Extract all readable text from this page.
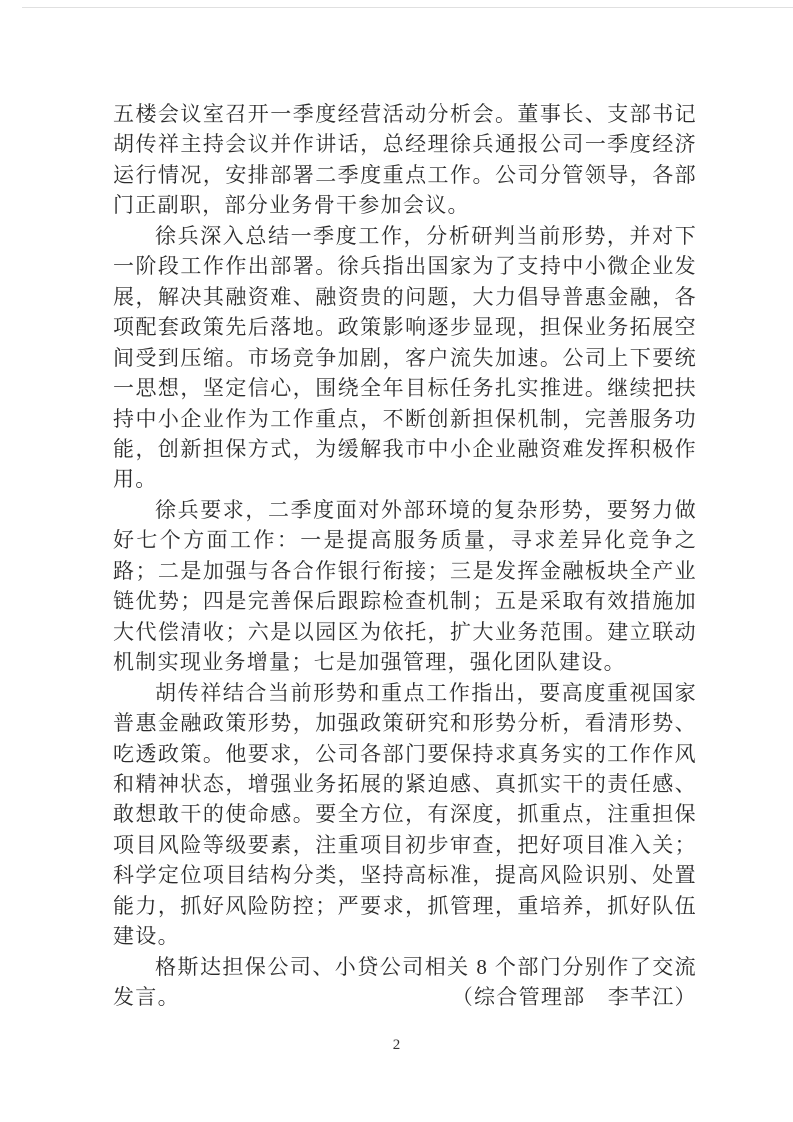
五楼会议室召开一季度经营活动分析会。董事长、支部书记胡传祥主持会议并作讲话，总经理徐兵通报公司一季度经济运行情况，安排部署二季度重点工作。公司分管领导，各部门正副职，部分业务骨干参加会议。

徐兵深入总结一季度工作，分析研判当前形势，并对下一阶段工作作出部署。徐兵指出国家为了支持中小微企业发展，解决其融资难、融资贵的问题，大力倡导普惠金融，各项配套政策先后落地。政策影响逐步显现，担保业务拓展空间受到压缩。市场竞争加剧，客户流失加速。公司上下要统一思想，坚定信心，围绕全年目标任务扎实推进。继续把扶持中小企业作为工作重点，不断创新担保机制，完善服务功能，创新担保方式，为缓解我市中小企业融资难发挥积极作用。

徐兵要求，二季度面对外部环境的复杂形势，要努力做好七个方面工作：一是提高服务质量，寻求差异化竞争之路；二是加强与各合作银行衔接；三是发挥金融板块全产业链优势；四是完善保后跟踪检查机制；五是采取有效措施加大代偿清收；六是以园区为依托，扩大业务范围。建立联动机制实现业务增量；七是加强管理，强化团队建设。

胡传祥结合当前形势和重点工作指出，要高度重视国家普惠金融政策形势，加强政策研究和形势分析，看清形势、吃透政策。他要求，公司各部门要保持求真务实的工作作风和精神状态，增强业务拓展的紧迫感、真抓实干的责任感、敢想敢干的使命感。要全方位，有深度，抓重点，注重担保项目风险等级要素，注重项目初步审查，把好项目准入关；科学定位项目结构分类，坚持高标准，提高风险识别、处置能力，抓好风险防控；严要求，抓管理，重培养，抓好队伍建设。

格斯达担保公司、小贷公司相关 8 个部门分别作了交流发言。	（综合管理部　李芊江）

2
